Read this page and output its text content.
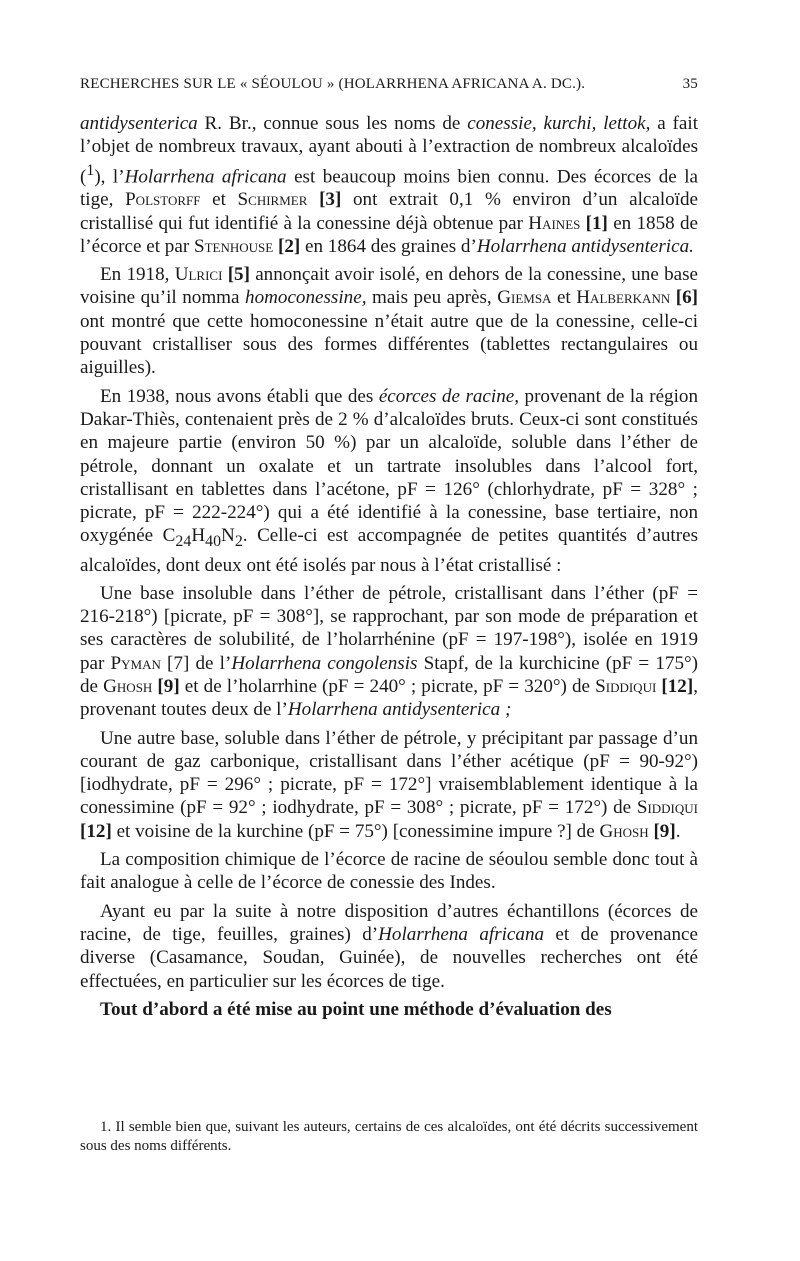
RECHERCHES SUR LE « SÉOULOU » (HOLARRHENA AFRICANA A. DC.).	35

antidysenterica R. Br., connue sous les noms de conessie, kurchi, lettok, a fait l’objet de nombreux travaux, ayant abouti à l’extraction de nombreux alcaloïdes ($^1$), l’Holarrhena africana est beaucoup moins bien connu. Des écorces de la tige, Polstorff et Schirmer [3] ont extrait 0,1 % environ d’un alcaloïde cristallisé qui fut identifié à la conessine déjà obtenue par Haines [1] en 1858 de l’écorce et par Stenhouse [2] en 1864 des graines d’Holarrhena antidysenterica.

En 1918, Ulrici [5] annonçait avoir isolé, en dehors de la conessine, une base voisine qu’il nomma homoconessine, mais peu après, Giemsa et Halberkann [6] ont montré que cette homoconessine n’était autre que de la conessine, celle-ci pouvant cristalliser sous des formes différentes (tablettes rectangulaires ou aiguilles).

En 1938, nous avons établi que des écorces de racine, provenant de la région Dakar-Thiès, contenaient près de 2 % d’alcaloïdes bruts. Ceux-ci sont constitués en majeure partie (environ 50 %) par un alcaloïde, soluble dans l’éther de pétrole, donnant un oxalate et un tartrate insolubles dans l’alcool fort, cristallisant en tablettes dans l’acétone, pF = 126° (chlorhydrate, pF = 328° ; picrate, pF = 222-224°) qui a été identifié à la conessine, base tertiaire, non oxygénée $C_{24}H_{40}N_2$. Celle-ci est accompagnée de petites quantités d’autres alcaloïdes, dont deux ont été isolés par nous à l’état cristallisé :

Une base insoluble dans l’éther de pétrole, cristallisant dans l’éther (pF = 216-218°) [picrate, pF = 308°], se rapprochant, par son mode de préparation et ses caractères de solubilité, de l’holarrhénine (pF = 197-198°), isolée en 1919 par Pyman [7] de l’Holarrhena congolensis Stapf, de la kurchicine (pF = 175°) de Ghosh [9] et de l’holarrhine (pF = 240° ; picrate, pF = 320°) de Siddiqui [12], provenant toutes deux de l’Holarrhena antidysenterica ;

Une autre base, soluble dans l’éther de pétrole, y précipitant par passage d’un courant de gaz carbonique, cristallisant dans l’éther acétique (pF = 90-92°) [iodhydrate, pF = 296° ; picrate, pF = 172°] vraisemblablement identique à la conessimine (pF = 92° ; iodhydrate, pF = 308° ; picrate, pF = 172°) de Siddiqui [12] et voisine de la kurchine (pF = 75°) [conessimine impure ?] de Ghosh [9].

La composition chimique de l’écorce de racine de séoulou semble donc tout à fait analogue à celle de l’écorce de conessie des Indes.

Ayant eu par la suite à notre disposition d’autres échantillons (écorces de racine, de tige, feuilles, graines) d’Holarrhena africana et de provenance diverse (Casamance, Soudan, Guinée), de nouvelles recherches ont été effectuées, en particulier sur les écorces de tige.

Tout d’abord a été mise au point une méthode d’évaluation des

1. Il semble bien que, suivant les auteurs, certains de ces alcaloïdes, ont été décrits successivement sous des noms différents.
